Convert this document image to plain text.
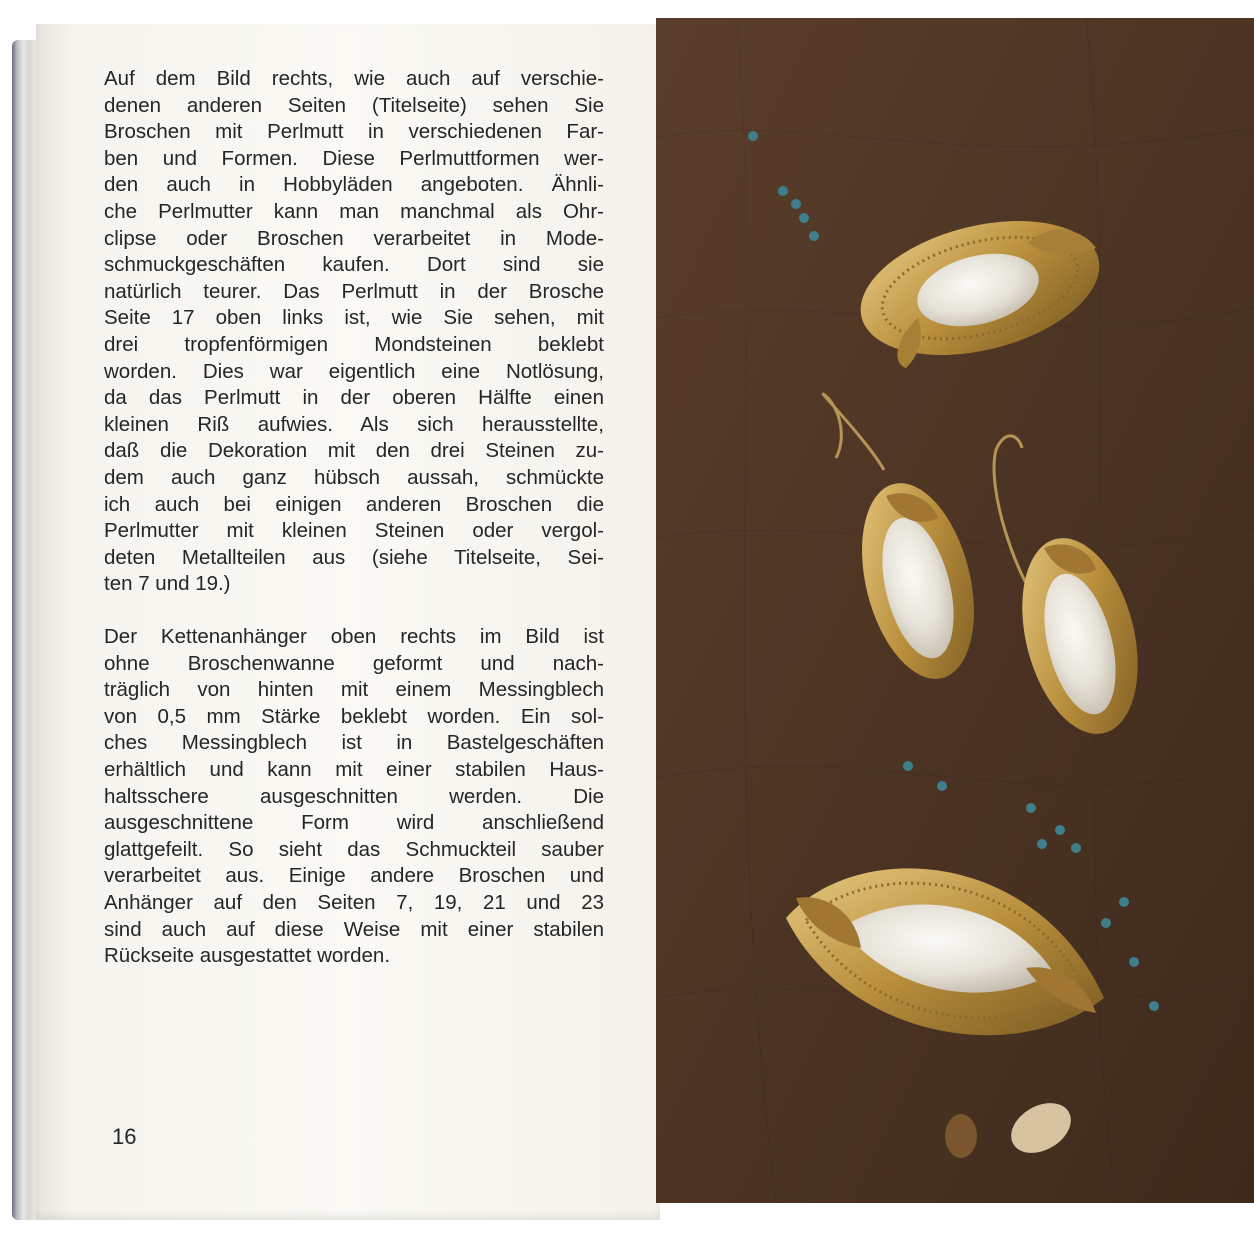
Auf dem Bild rechts, wie auch auf verschie-
denen anderen Seiten (Titelseite) sehen Sie
Broschen mit Perlmutt in verschiedenen Far-
ben und Formen. Diese Perlmuttformen wer-
den auch in Hobbyläden angeboten. Ähnli-
che Perlmutter kann man manchmal als Ohr-
clipse oder Broschen verarbeitet in Mode-
schmuckgeschäften kaufen. Dort sind sie
natürlich teurer. Das Perlmutt in der Brosche
Seite 17 oben links ist, wie Sie sehen, mit
drei tropfenförmigen Mondsteinen beklebt
worden. Dies war eigentlich eine Notlösung,
da das Perlmutt in der oberen Hälfte einen
kleinen Riß aufwies. Als sich herausstellte,
daß die Dekoration mit den drei Steinen zu-
dem auch ganz hübsch aussah, schmückte
ich auch bei einigen anderen Broschen die
Perlmutter mit kleinen Steinen oder vergol-
deten Metallteilen aus (siehe Titelseite, Sei-
ten 7 und 19.)
Der Kettenanhänger oben rechts im Bild ist
ohne Broschenwanne geformt und nach-
träglich von hinten mit einem Messingblech
von 0,5 mm Stärke beklebt worden. Ein sol-
ches Messingblech ist in Bastelgeschäften
erhältlich und kann mit einer stabilen Haus-
haltsschere ausgeschnitten werden. Die
ausgeschnittene Form wird anschließend
glattgefeilt. So sieht das Schmuckteil sauber
verarbeitet aus. Einige andere Broschen und
Anhänger auf den Seiten 7, 19, 21 und 23
sind auch auf diese Weise mit einer stabilen
Rückseite ausgestattet worden.
16
